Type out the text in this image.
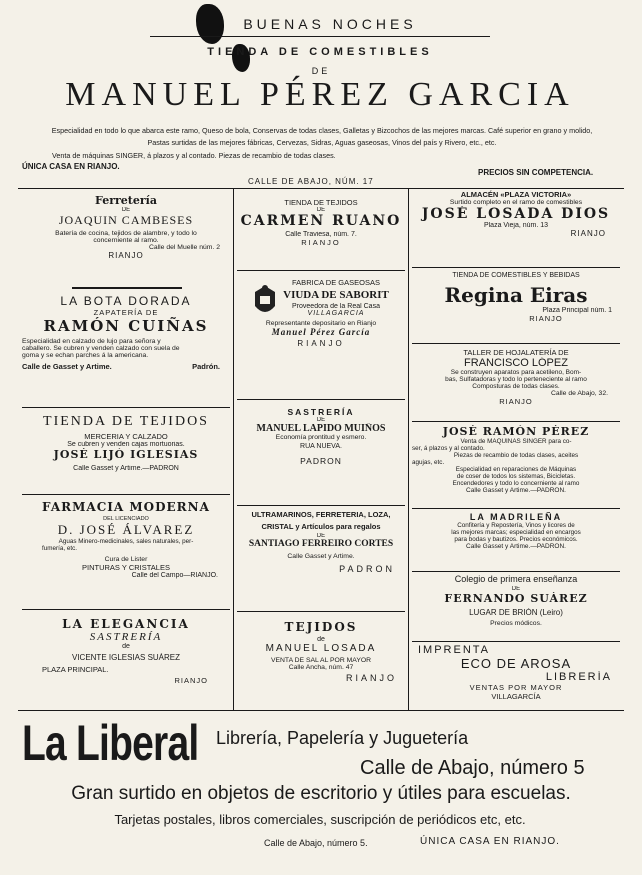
BUENAS NOCHES
TIENDA DE COMESTIBLES
DE
MANUEL PÉREZ GARCIA
Especialidad en todo lo que abarca este ramo, Queso de bola, Conservas de todas clases, Galletas y Bizcochos de las mejores marcas. Café superior en grano y molido,
Pastas surtidas de las mejores fábricas, Cervezas, Sidras, Aguas gaseosas, Vinos del país y Rivero, etc., etc.
Venta de máquinas SINGER, á plazos y al contado. Piezas de recambio de todas clases.
ÚNICA CASA EN RIANJO.
PRECIOS SIN COMPETENCIA.
CALLE DE ABAJO, NÚM. 17
Ferretería
DE
JOAQUIN CAMBESES
Batería de cocina, tejidos de alambre, y todo lo
concerniente al ramo.
Calle del Muelle núm. 2
RIANJO
LA BOTA DORADA
ZAPATERÍA DE
RAMÓN CUIÑAS
Especialidad en calzado de lujo para señora y
caballero. Se cubren y venden calzado con suela de
goma y se echan parches á la americana.
Calle de Gasset y Artime.	Padrón.
TIENDA DE TEJIDOS
MERCERIA Y CALZADO
Se cubren y venden cajas mortuorias.
JOSÉ LIJÓ IGLESIAS
Calle Gasset y Artime.—PADRON
FARMACIA MODERNA
DEL LICENCIADO
D. JOSÉ ÁLVAREZ
Aguas Minero-medicinales, sales naturales, per-
fumería, etc.
Cura de Lister
PINTURAS Y CRISTALES
Calle del Campo—RIANJO.
LA ELEGANCIA
SASTRERÍA
de
VICENTE IGLESIAS SUÁREZ
PLAZA PRINCIPAL.
RIANJO
TIENDA DE TEJIDOS
DE
CARMEN RUANO
Calle Traviesa, núm. 7.
RIANJO
FABRICA DE GASEOSAS
VIUDA DE SABORIT
Proveedora de la Real Casa
VILLAGARCÍA
Representante depositario en Rianjo
Manuel Pérez García
RIANJO
SASTRERÍA
DE
MANUEL LAPIDO MUIÑOS
Economía prontitud y esmero.
RUA NUEVA.
PADRON
ULTRAMARINOS, FERRETERIA, LOZA,
CRISTAL y Artículos para regalos
DE
SANTIAGO FERREIRO CORTÉS
Calle Gasset y Artime.
PADRON
TEJIDOS
de
MANUEL LOSADA
VENTA DE SAL AL POR MAYOR
Calle Ancha, núm. 47
RIANJO
ALMACÉN «PLAZA VICTORIA»
Surtido completo en el ramo de comestibles
JOSÉ LOSADA DIOS
Plaza Vieja, núm. 13
RIANJO
TIENDA DE COMESTIBLES Y BEBIDAS
Regina Eiras
Plaza Principal núm. 1
RIANJO
TALLER DE HOJALATERÍA DE
FRANCISCO LÓPEZ
Se construyen aparatos para acetileno, Bom-
bas, Sulfatadoras y todo lo perteneciente al ramo
Composturas de todas clases.
Calle de Abajo, 32.
RIANJO
JOSÉ RAMÓN PÉREZ
Venta de MAQUINAS SINGER para co-
ser, á plazos y al contado.
Piezas de recambio de todas clases, aceites
agujas, etc.
Especialidad en reparaciones de Máquinas
de coser de todos los sistemas, Bicicletas.
Encendedores y todo lo concerniente al ramo
Calle Gasset y Artime.—PADRON.
LA MADRILEÑA
Confitería y Repostería, Vinos y licores de
las mejores marcas; especialidad en encargos
para bodas y bautizos. Precios económicos.
Calle Gasset y Artime.—PADRON.
Colegio de primera enseñanza
DE
FERNANDO SUÁREZ
LUGAR DE BRIÓN (Leiro)
Precios módicos.
IMPRENTA
ECO DE AROSA
LIBRERÍA
VENTAS POR MAYOR
VILLAGARCÍA
La Liberal Librería, Papelería y Juguetería
Calle de Abajo, número 5
Gran surtido en objetos de escritorio y útiles para escuelas.
Tarjetas postales, libros comerciales, suscripción de periódicos etc, etc.
Calle de Abajo, número 5.	ÚNICA CASA EN RIANJO.
